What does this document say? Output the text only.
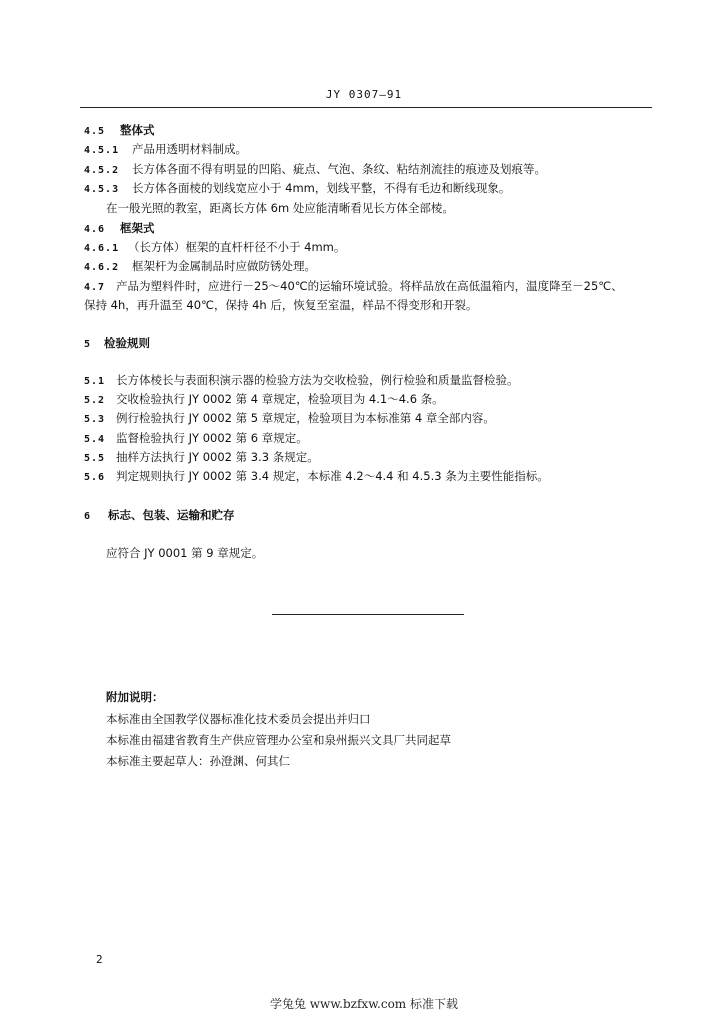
JY 0307—91
4.5 整体式
4.5.1 产品用透明材料制成。
4.5.2 长方体各面不得有明显的凹陷、疵点、气泡、条纹、粘结剂流挂的痕迹及划痕等。
4.5.3 长方体各面棱的划线宽应小于 4mm，划线平整，不得有毛边和断线现象。
在一般光照的教室，距离长方体 6m 处应能清晰看见长方体全部棱。
4.6 框架式
4.6.1 （长方体）框架的直杆杆径不小于 4mm。
4.6.2 框架杆为金属制品时应做防锈处理。
4.7 产品为塑料件时，应进行－25～40℃的运输环境试验。将样品放在高低温箱内，温度降至－25℃、
保持 4h，再升温至 40℃，保持 4h 后，恢复至室温，样品不得变形和开裂。
5 检验规则
5.1 长方体棱长与表面积演示器的检验方法为交收检验，例行检验和质量监督检验。
5.2 交收检验执行 JY 0002 第 4 章规定，检验项目为 4.1～4.6 条。
5.3 例行检验执行 JY 0002 第 5 章规定，检验项目为本标准第 4 章全部内容。
5.4 监督检验执行 JY 0002 第 6 章规定。
5.5 抽样方法执行 JY 0002 第 3.3 条规定。
5.6 判定规则执行 JY 0002 第 3.4 规定，本标准 4.2～4.4 和 4.5.3 条为主要性能指标。
6 标志、包装、运输和贮存
应符合 JY 0001 第 9 章规定。
附加说明：
本标准由全国教学仪器标准化技术委员会提出并归口
本标准由福建省教育生产供应管理办公室和泉州振兴文具厂共同起草
本标准主要起草人：孙澄渊、何其仁
2
学兔兔 www.bzfxw.com 标准下载
